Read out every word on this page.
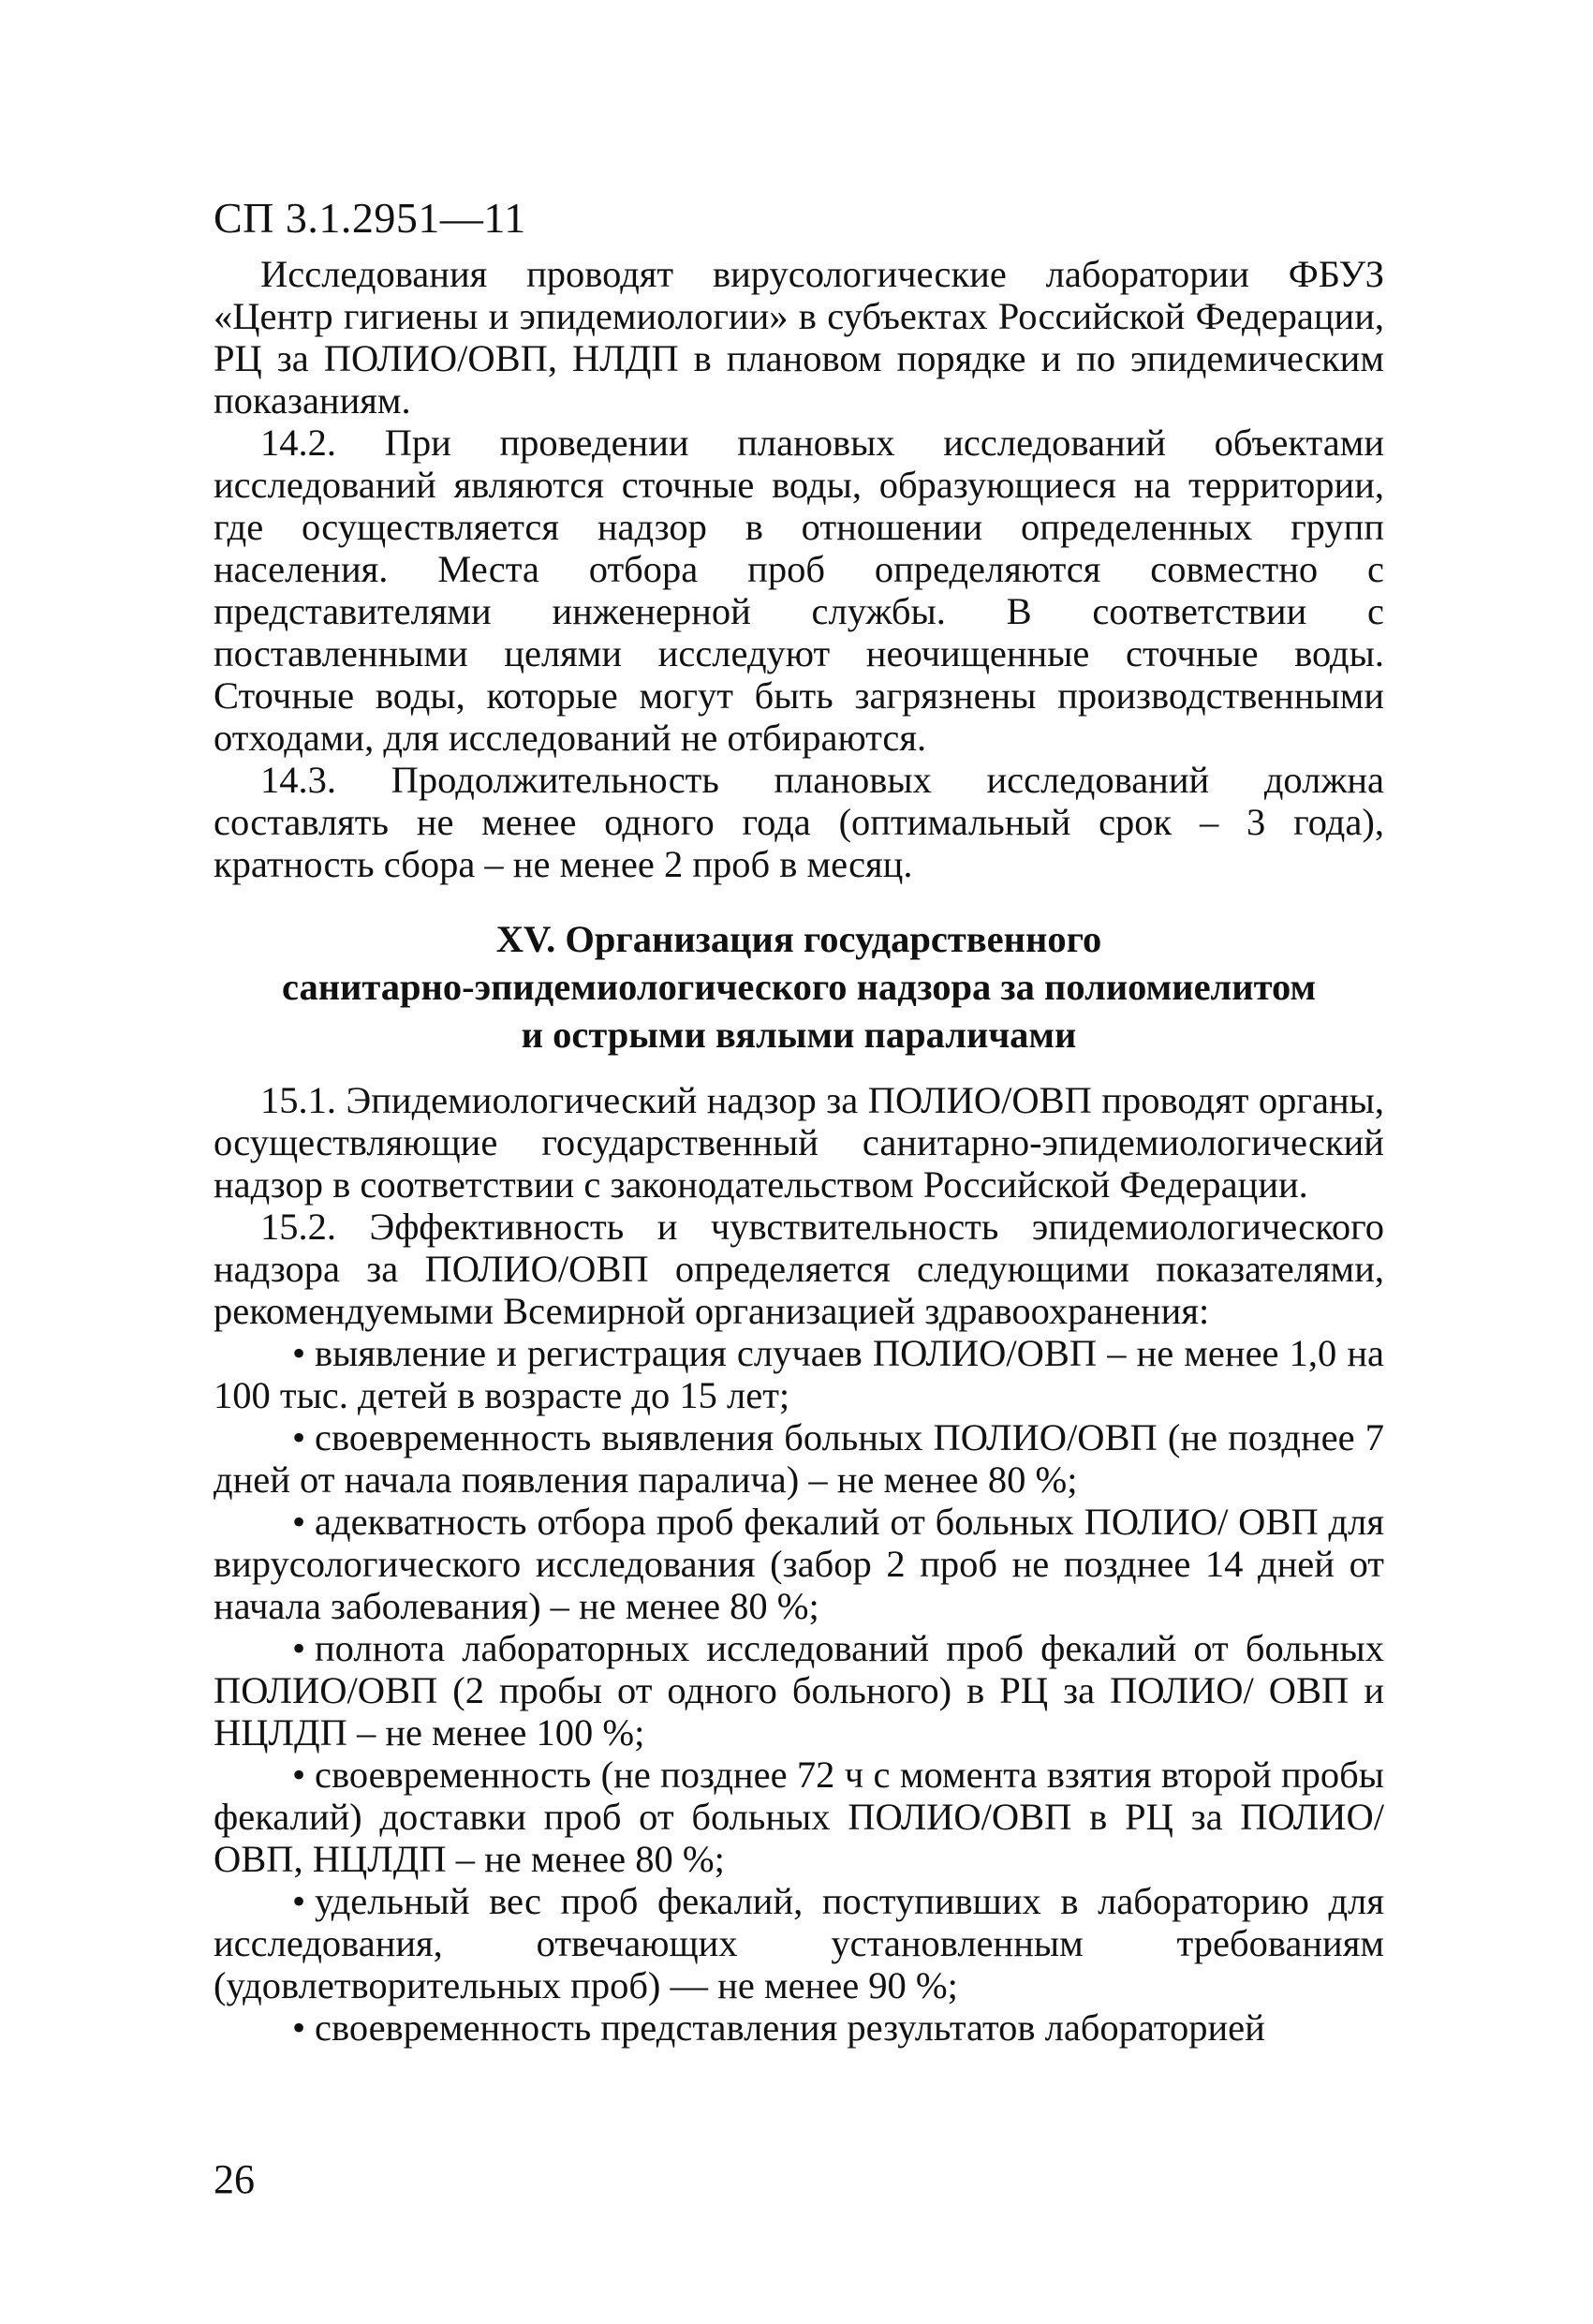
СП 3.1.2951—11

Исследования проводят вирусологические лаборатории ФБУЗ «Центр гигиены и эпидемиологии» в субъектах Российской Федерации, РЦ за ПОЛИО/ОВП, НЛДП в плановом порядке и по эпидемическим показаниям.

14.2. При проведении плановых исследований объектами исследований являются сточные воды, образующиеся на территории, где осуществляется надзор в отношении определенных групп населения. Места отбора проб определяются совместно с представителями инженерной службы. В соответствии с поставленными целями исследуют неочищенные сточные воды. Сточные воды, которые могут быть загрязнены производственными отходами, для исследований не отбираются.

14.3. Продолжительность плановых исследований должна составлять не менее одного года (оптимальный срок – 3 года), кратность сбора – не менее 2 проб в месяц.

XV. Организация государственного
санитарно-эпидемиологического надзора за полиомиелитом
и острыми вялыми параличами

15.1. Эпидемиологический надзор за ПОЛИО/ОВП проводят органы, осуществляющие государственный санитарно-эпидемиологический надзор в соответствии с законодательством Российской Федерации.

15.2. Эффективность и чувствительность эпидемиологического надзора за ПОЛИО/ОВП определяется следующими показателями, рекомендуемыми Всемирной организацией здравоохранения:

• выявление и регистрация случаев ПОЛИО/ОВП – не менее 1,0 на 100 тыс. детей в возрасте до 15 лет;
• своевременность выявления больных ПОЛИО/ОВП (не позднее 7 дней от начала появления паралича) – не менее 80 %;
• адекватность отбора проб фекалий от больных ПОЛИО/ ОВП для вирусологического исследования (забор 2 проб не позднее 14 дней от начала заболевания) – не менее 80 %;
• полнота лабораторных исследований проб фекалий от больных ПОЛИО/ОВП (2 пробы от одного больного) в РЦ за ПОЛИО/ ОВП и НЦЛДП – не менее 100 %;
• своевременность (не позднее 72 ч с момента взятия второй пробы фекалий) доставки проб от больных ПОЛИО/ОВП в РЦ за ПОЛИО/ОВП, НЦЛДП – не менее 80 %;
• удельный вес проб фекалий, поступивших в лабораторию для исследования, отвечающих установленным требованиям (удовлетворительных проб) — не менее 90 %;
• своевременность представления результатов лабораторией
26
